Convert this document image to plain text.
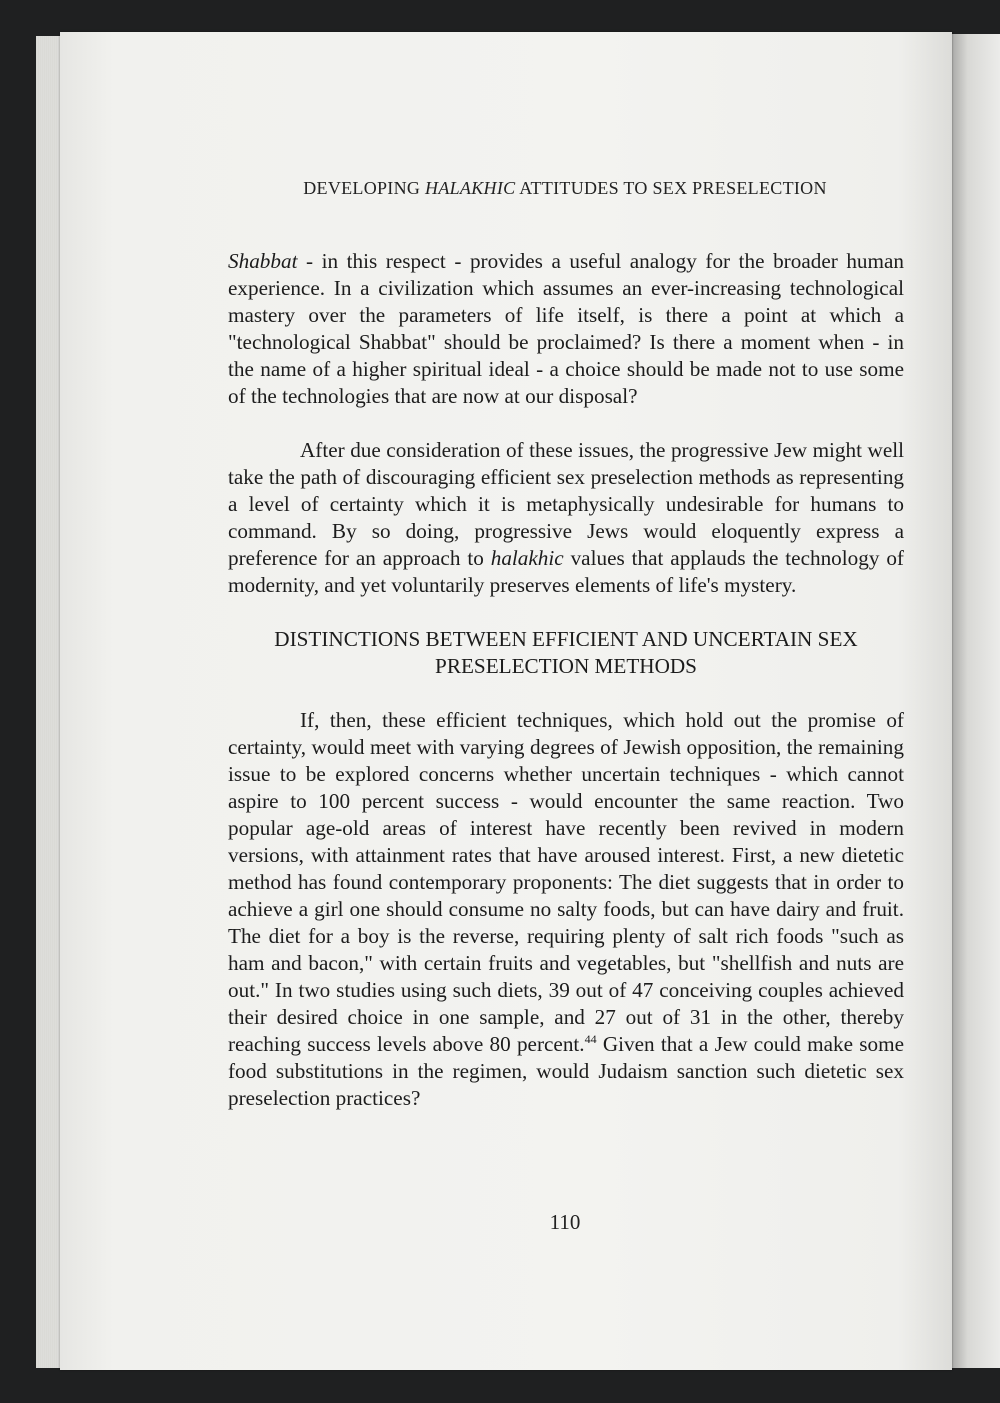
DEVELOPING HALAKHIC ATTITUDES TO SEX PRESELECTION

Shabbat - in this respect - provides a useful analogy for the broader human experience. In a civilization which assumes an ever-increasing technological mastery over the parameters of life itself, is there a point at which a "technological Shabbat" should be proclaimed? Is there a moment when - in the name of a higher spiritual ideal - a choice should be made not to use some of the technologies that are now at our disposal?

After due consideration of these issues, the progressive Jew might well take the path of discouraging efficient sex preselection methods as representing a level of certainty which it is metaphysically undesirable for humans to command. By so doing, progressive Jews would eloquently express a preference for an approach to halakhic values that applauds the technology of modernity, and yet voluntarily preserves elements of life's mystery.

DISTINCTIONS BETWEEN EFFICIENT AND UNCERTAIN SEX
PRESELECTION METHODS

If, then, these efficient techniques, which hold out the promise of certainty, would meet with varying degrees of Jewish opposition, the remaining issue to be explored concerns whether uncertain techniques - which cannot aspire to 100 percent success - would encounter the same reaction. Two popular age-old areas of interest have recently been revived in modern versions, with attainment rates that have aroused interest. First, a new dietetic method has found contemporary proponents: The diet suggests that in order to achieve a girl one should consume no salty foods, but can have dairy and fruit. The diet for a boy is the reverse, requiring plenty of salt rich foods "such as ham and bacon," with certain fruits and vegetables, but "shellfish and nuts are out." In two studies using such diets, 39 out of 47 conceiving couples achieved their desired choice in one sample, and 27 out of 31 in the other, thereby reaching success levels above 80 percent.$^{44}$ Given that a Jew could make some food substitutions in the regimen, would Judaism sanction such dietetic sex preselection practices?

110
